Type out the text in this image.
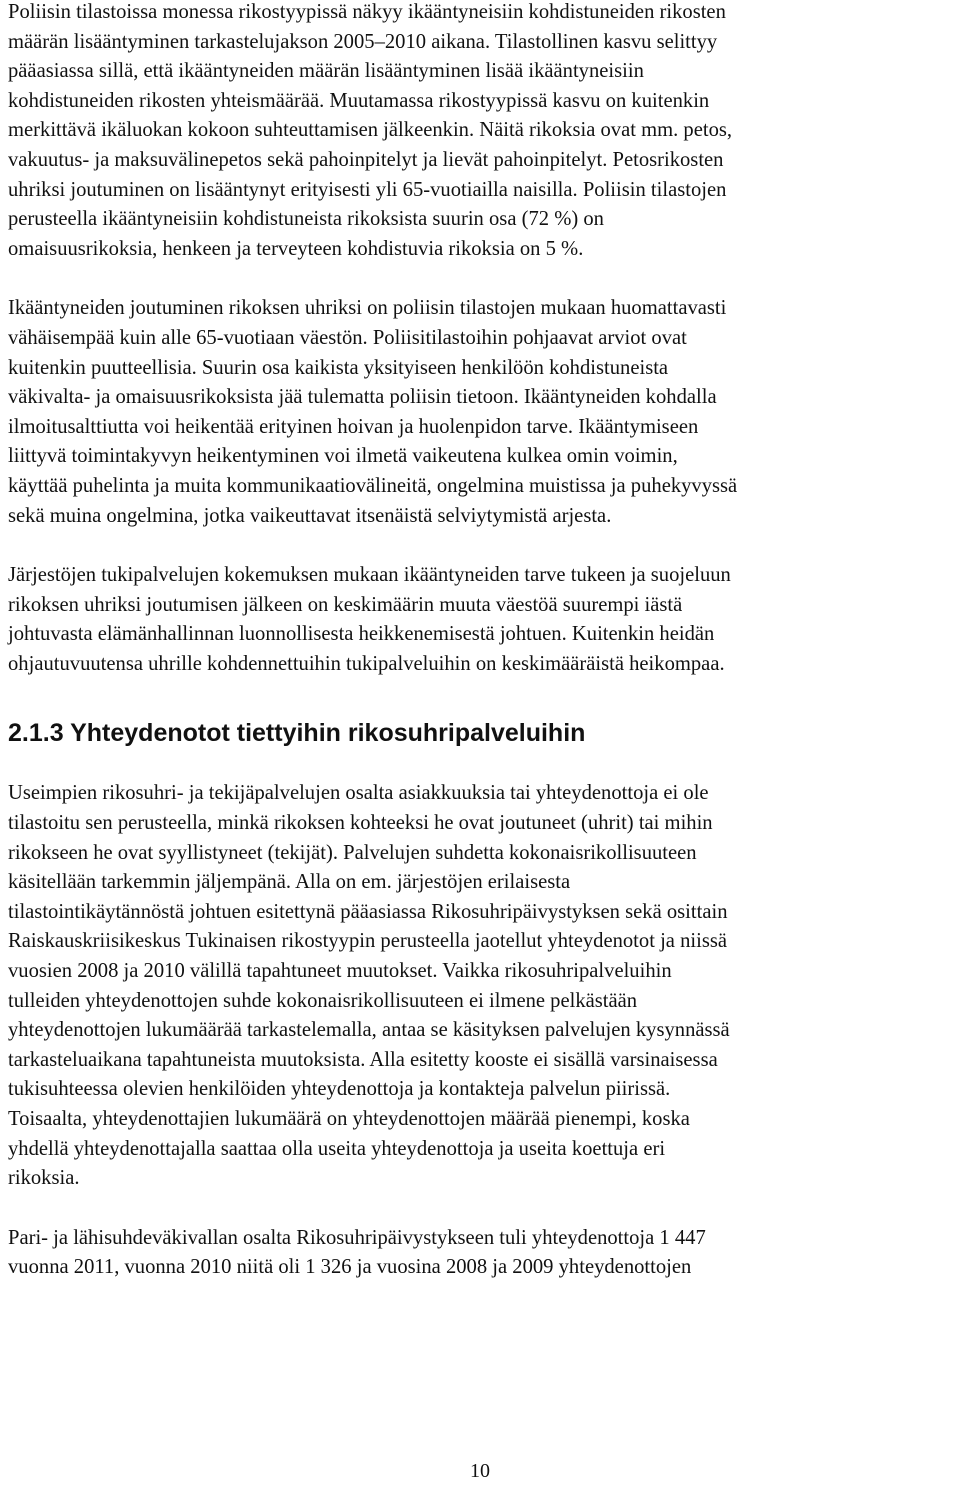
Poliisin tilastoissa monessa rikostyypissä näkyy ikääntyneisiin kohdistuneiden rikosten
määrän lisääntyminen tarkastelujakson 2005–2010 aikana. Tilastollinen kasvu selittyy
pääasiassa sillä, että ikääntyneiden määrän lisääntyminen lisää ikääntyneisiin
kohdistuneiden rikosten yhteismäärää. Muutamassa rikostyypissä kasvu on kuitenkin
merkittävä ikäluokan kokoon suhteuttamisen jälkeenkin. Näitä rikoksia ovat mm. petos,
vakuutus- ja maksuvälinepetos sekä pahoinpitelyt ja lievät pahoinpitelyt. Petosrikosten
uhriksi joutuminen on lisääntynyt erityisesti yli 65-vuotiailla naisilla. Poliisin tilastojen
perusteella ikääntyneisiin kohdistuneista rikoksista suurin osa (72 %) on
omaisuusrikoksia, henkeen ja terveyteen kohdistuvia rikoksia on 5 %.
Ikääntyneiden joutuminen rikoksen uhriksi on poliisin tilastojen mukaan huomattavasti
vähäisempää kuin alle 65-vuotiaan väestön. Poliisitilastoihin pohjaavat arviot ovat
kuitenkin puutteellisia. Suurin osa kaikista yksityiseen henkilöön kohdistuneista
väkivalta- ja omaisuusrikoksista jää tulematta poliisin tietoon. Ikääntyneiden kohdalla
ilmoitusalttiutta voi heikentää erityinen hoivan ja huolenpidon tarve. Ikääntymiseen
liittyvä toimintakyvyn heikentyminen voi ilmetä vaikeutena kulkea omin voimin,
käyttää puhelinta ja muita kommunikaatiovälineitä, ongelmina muistissa ja puhekyvyssä
sekä muina ongelmina, jotka vaikeuttavat itsenäistä selviytymistä arjesta.
Järjestöjen tukipalvelujen kokemuksen mukaan ikääntyneiden tarve tukeen ja suojeluun
rikoksen uhriksi joutumisen jälkeen on keskimäärin muuta väestöä suurempi iästä
johtuvasta elämänhallinnan luonnollisesta heikkenemisestä johtuen. Kuitenkin heidän
ohjautuvuutensa uhrille kohdennettuihin tukipalveluihin on keskimääräistä heikompaa.
2.1.3 Yhteydenotot tiettyihin rikosuhripalveluihin
Useimpien rikosuhri- ja tekijäpalvelujen osalta asiakkuuksia tai yhteydenottoja ei ole
tilastoitu sen perusteella, minkä rikoksen kohteeksi he ovat joutuneet (uhrit) tai mihin
rikokseen he ovat syyllistyneet (tekijät). Palvelujen suhdetta kokonaisrikollisuuteen
käsitellään tarkemmin jäljempänä. Alla on em. järjestöjen erilaisesta
tilastointikäytännöstä johtuen esitettynä pääasiassa Rikosuhripäivystyksen sekä osittain
Raiskauskriisikeskus Tukinaisen rikostyypin perusteella jaotellut yhteydenotot ja niissä
vuosien 2008 ja 2010 välillä tapahtuneet muutokset. Vaikka rikosuhripalveluihin
tulleiden yhteydenottojen suhde kokonaisrikollisuuteen ei ilmene pelkästään
yhteydenottojen lukumäärää tarkastelemalla, antaa se käsityksen palvelujen kysynnässä
tarkasteluaikana tapahtuneista muutoksista. Alla esitetty kooste ei sisällä varsinaisessa
tukisuhteessa olevien henkilöiden yhteydenottoja ja kontakteja palvelun piirissä.
Toisaalta, yhteydenottajien lukumäärä on yhteydenottojen määrää pienempi, koska
yhdellä yhteydenottajalla saattaa olla useita yhteydenottoja ja useita koettuja eri
rikoksia.
Pari- ja lähisuhdeväkivallan osalta Rikosuhripäivystykseen tuli yhteydenottoja 1 447
vuonna 2011, vuonna 2010 niitä oli 1 326 ja vuosina 2008 ja 2009 yhteydenottojen
10
